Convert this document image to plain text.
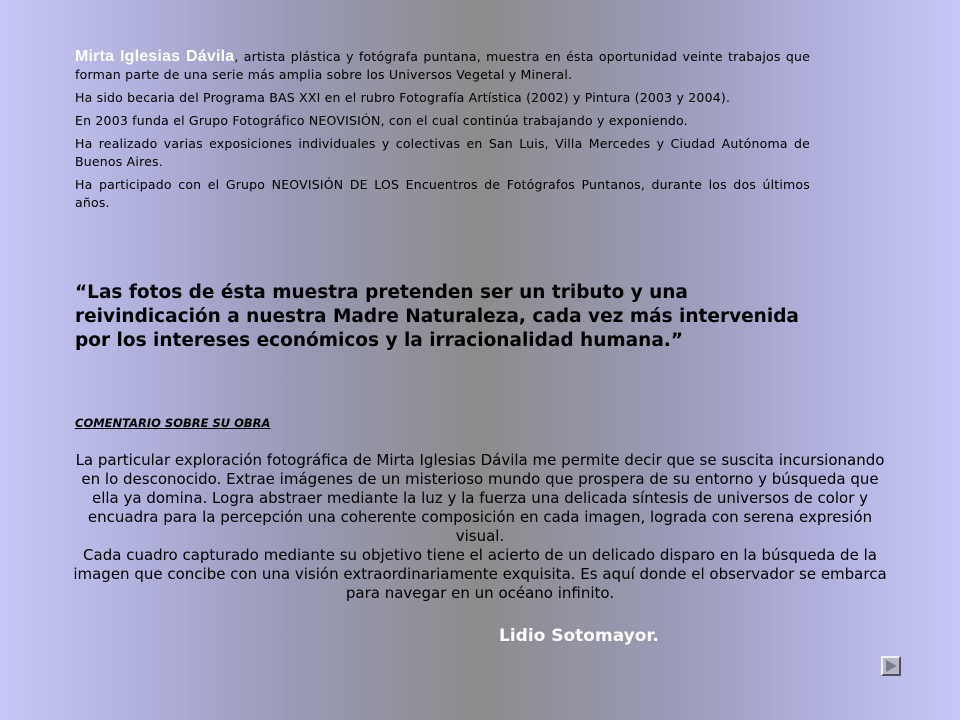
Mirta Iglesias Dávila, artista plástica y fotógrafa puntana, muestra en ésta oportunidad veinte trabajos que forman parte de una serie más amplia sobre los Universos Vegetal y Mineral.

Ha sido becaria del Programa BAS XXI en el rubro Fotografía Artística (2002) y Pintura (2003 y 2004).

En 2003 funda el Grupo Fotográfico NEOVISIÓN, con el cual continúa trabajando y exponiendo.

Ha realizado varias exposiciones individuales y colectivas en San Luis, Villa Mercedes y Ciudad Autónoma de Buenos Aires.

Ha participado con el Grupo NEOVISIÓN DE LOS Encuentros de Fotógrafos Puntanos, durante los dos últimos años.

“Las fotos de ésta muestra pretenden ser un tributo y una reivindicación a nuestra Madre Naturaleza, cada vez más intervenida por los intereses económicos y la irracionalidad humana.”
COMENTARIO SOBRE SU OBRA

La particular exploración fotográfica de Mirta Iglesias Dávila me permite decir que se suscita incursionando en lo desconocido. Extrae imágenes de un misterioso mundo que prospera de su entorno y búsqueda que ella ya domina. Logra abstraer mediante la luz y la fuerza una delicada síntesis de universos de color y encuadra para la percepción una coherente composición en cada imagen, lograda con serena expresión visual.

Cada cuadro capturado mediante su objetivo tiene el acierto de un delicado disparo en la búsqueda de la imagen que concibe con una visión extraordinariamente exquisita. Es aquí donde el observador se embarca para navegar en un océano infinito.

Lidio Sotomayor.
